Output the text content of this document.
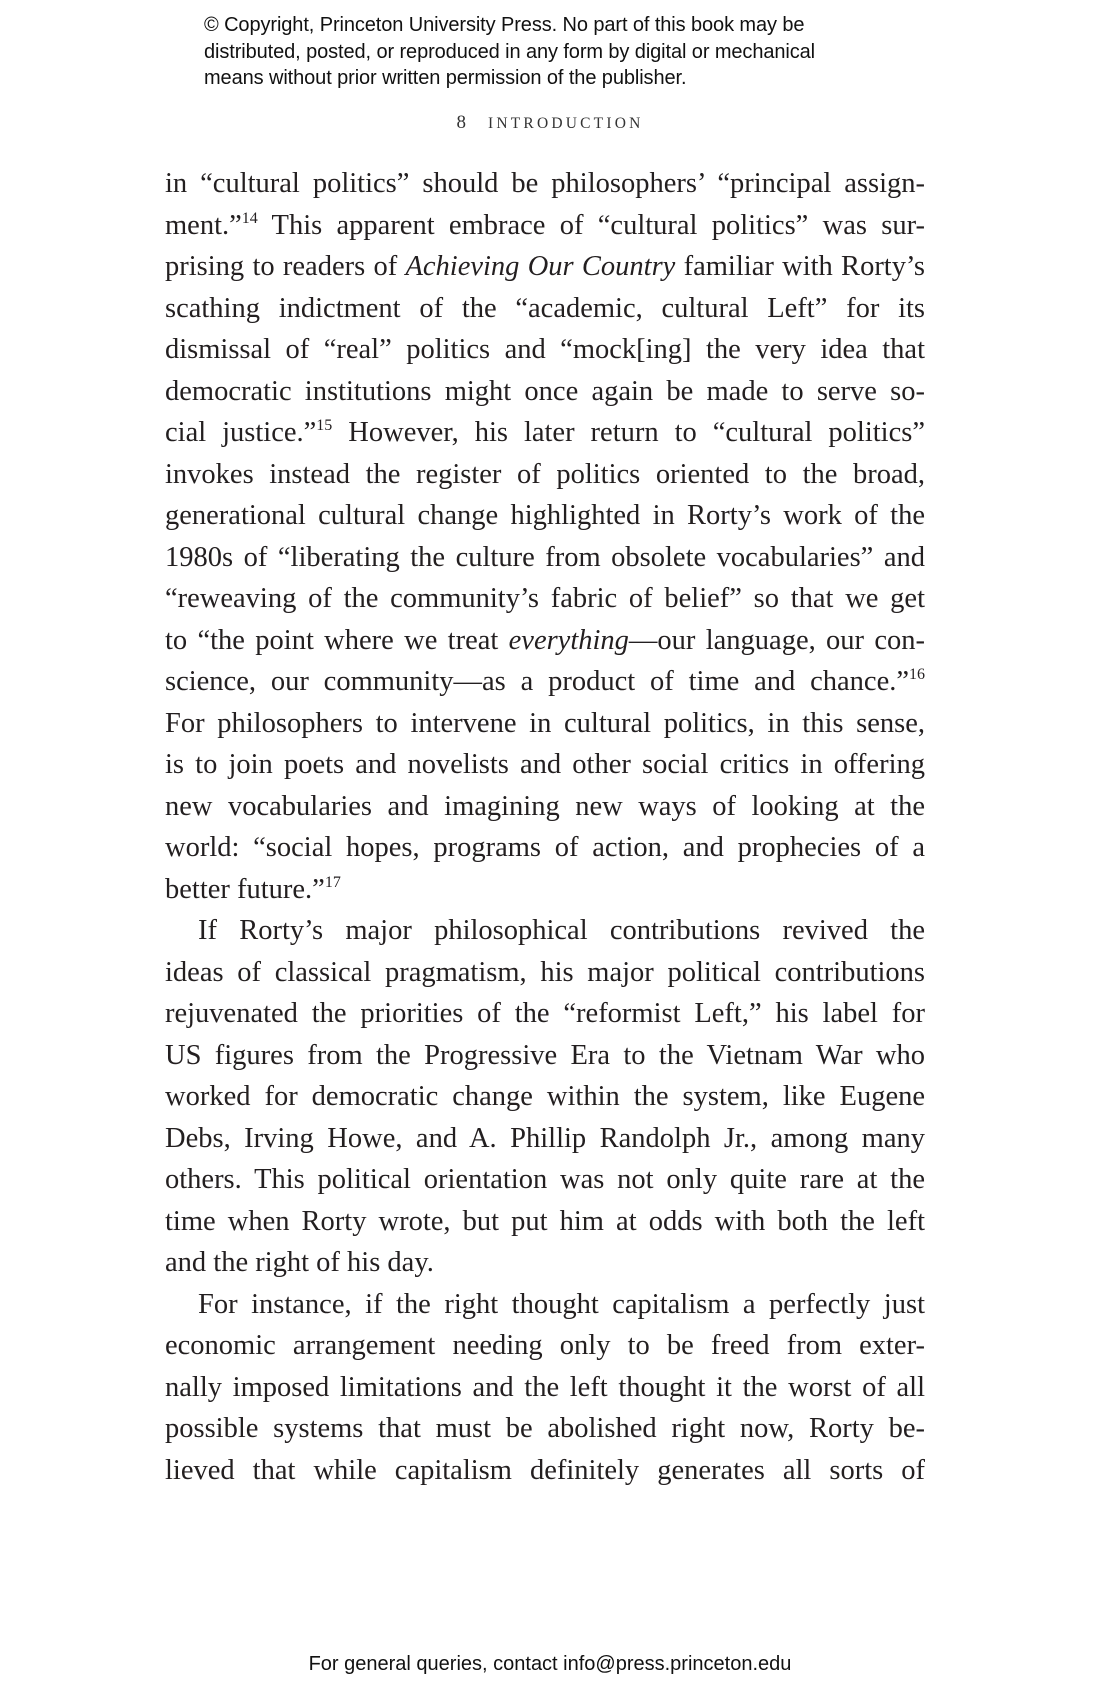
© Copyright, Princeton University Press. No part of this book may be
distributed, posted, or reproduced in any form by digital or mechanical
means without prior written permission of the publisher.
8 INTRODUCTION
in “cultural politics” should be philosophers’ “principal assign-
ment.”$^{14}$ This apparent embrace of “cultural politics” was sur-
prising to readers of Achieving Our Country familiar with Rorty’s
scathing indictment of the “academic, cultural Left” for its
dismissal of “real” politics and “mock[ing] the very idea that
democratic institutions might once again be made to serve so-
cial justice.”$^{15}$ However, his later return to “cultural politics”
invokes instead the register of politics oriented to the broad,
generational cultural change highlighted in Rorty’s work of the
1980s of “liberating the culture from obsolete vocabularies” and
“reweaving of the community’s fabric of belief” so that we get
to “the point where we treat everything—our language, our con-
science, our community—as a product of time and chance.”$^{16}$
For philosophers to intervene in cultural politics, in this sense,
is to join poets and novelists and other social critics in offering
new vocabularies and imagining new ways of looking at the
world: “social hopes, programs of action, and prophecies of a
better future.”$^{17}$
If Rorty’s major philosophical contributions revived the
ideas of classical pragmatism, his major political contributions
rejuvenated the priorities of the “reformist Left,” his label for
US figures from the Progressive Era to the Vietnam War who
worked for democratic change within the system, like Eugene
Debs, Irving Howe, and A. Phillip Randolph Jr., among many
others. This political orientation was not only quite rare at the
time when Rorty wrote, but put him at odds with both the left
and the right of his day.
For instance, if the right thought capitalism a perfectly just
economic arrangement needing only to be freed from exter-
nally imposed limitations and the left thought it the worst of all
possible systems that must be abolished right now, Rorty be-
lieved that while capitalism definitely generates all sorts of
For general queries, contact info@press.princeton.edu
